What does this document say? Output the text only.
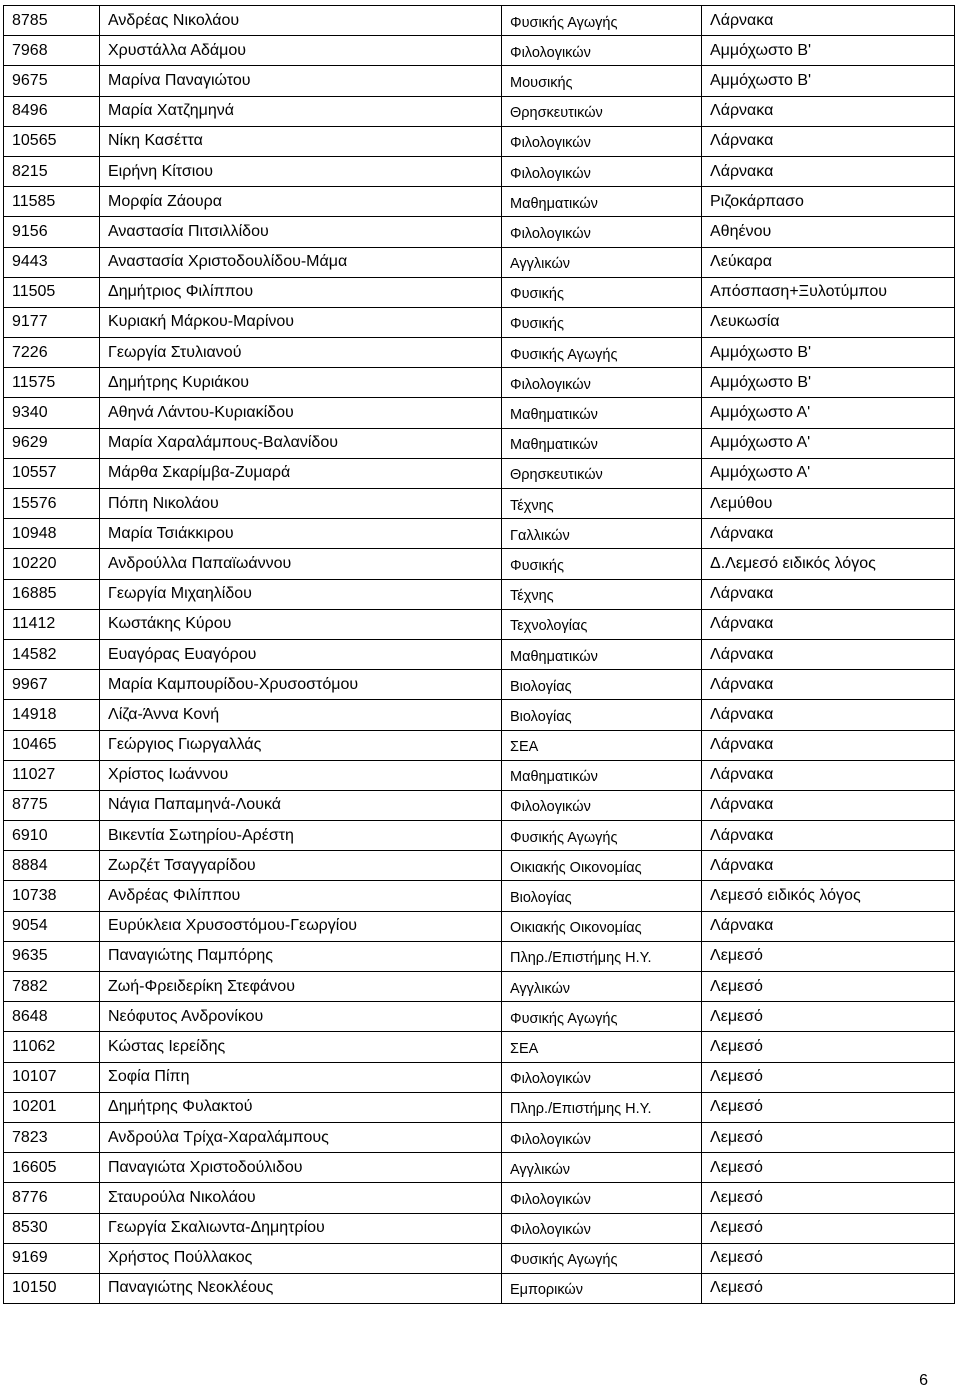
8785	Ανδρέας Νικολάου	Φυσικής Αγωγής	Λάρνακα
7968	Χρυστάλλα Αδάμου	Φιλολογικών	Αμμόχωστο Β'
9675	Μαρίνα Παναγιώτου	Μουσικής	Αμμόχωστο Β'
8496	Μαρία Χατζημηνά	Θρησκευτικών	Λάρνακα
10565	Νίκη Κασέττα	Φιλολογικών	Λάρνακα
8215	Ειρήνη Κίτσιου	Φιλολογικών	Λάρνακα
11585	Μορφία Ζάουρα	Μαθηματικών	Ριζοκάρπασο
9156	Αναστασία Πιτσιλλίδου	Φιλολογικών	Αθηένου
9443	Αναστασία Χριστοδουλίδου-Μάμα	Αγγλικών	Λεύκαρα
11505	Δημήτριος Φιλίππου	Φυσικής	Απόσπαση+Ξυλοτύμπου
9177	Κυριακή Μάρκου-Μαρίνου	Φυσικής	Λευκωσία
7226	Γεωργία Στυλιανού	Φυσικής Αγωγής	Αμμόχωστο Β'
11575	Δημήτρης Κυριάκου	Φιλολογικών	Αμμόχωστο Β'
9340	Αθηνά Λάντου-Κυριακίδου	Μαθηματικών	Αμμόχωστο Α'
9629	Μαρία Χαραλάμπους-Βαλανίδου	Μαθηματικών	Αμμόχωστο Α'
10557	Μάρθα Σκαρίμβα-Ζυμαρά	Θρησκευτικών	Αμμόχωστο Α'
15576	Πόπη Νικολάου	Τέχνης	Λεμύθου
10948	Μαρία Τσιάκκιρου	Γαλλικών	Λάρνακα
10220	Ανδρούλλα Παπαϊωάννου	Φυσικής	Δ.Λεμεσό ειδικός λόγος
16885	Γεωργία Μιχαηλίδου	Τέχνης	Λάρνακα
11412	Κωστάκης Κύρου	Τεχνολογίας	Λάρνακα
14582	Ευαγόρας Ευαγόρου	Μαθηματικών	Λάρνακα
9967	Μαρία Καμπουρίδου-Χρυσοστόμου	Βιολογίας	Λάρνακα
14918	Λίζα-Άννα Κονή	Βιολογίας	Λάρνακα
10465	Γεώργιος Γιωργαλλάς	ΣΕΑ	Λάρνακα
11027	Χρίστος Ιωάννου	Μαθηματικών	Λάρνακα
8775	Νάγια Παπαμηνά-Λουκά	Φιλολογικών	Λάρνακα
6910	Βικεντία Σωτηρίου-Αρέστη	Φυσικής Αγωγής	Λάρνακα
8884	Ζωρζέτ Τσαγγαρίδου	Οικιακής Οικονομίας	Λάρνακα
10738	Ανδρέας Φιλίππου	Βιολογίας	Λεμεσό ειδικός λόγος
9054	Ευρύκλεια Χρυσοστόμου-Γεωργίου	Οικιακής Οικονομίας	Λάρνακα
9635	Παναγιώτης Παμπόρης	Πληρ./Επιστήμης Η.Υ.	Λεμεσό
7882	Ζωή-Φρειδερίκη Στεφάνου	Αγγλικών	Λεμεσό
8648	Νεόφυτος Ανδρονίκου	Φυσικής Αγωγής	Λεμεσό
11062	Κώστας Ιερείδης	ΣΕΑ	Λεμεσό
10107	Σοφία Πίπη	Φιλολογικών	Λεμεσό
10201	Δημήτρης Φυλακτού	Πληρ./Επιστήμης Η.Υ.	Λεμεσό
7823	Ανδρούλα Τρίχα-Χαραλάμπους	Φιλολογικών	Λεμεσό
16605	Παναγιώτα Χριστοδούλιδου	Αγγλικών	Λεμεσό
8776	Σταυρούλα Νικολάου	Φιλολογικών	Λεμεσό
8530	Γεωργία Σκαλιωντα-Δημητρίου	Φιλολογικών	Λεμεσό
9169	Χρήστος Πούλλακος	Φυσικής Αγωγής	Λεμεσό
10150	Παναγιώτης Νεοκλέους	Εμπορικών	Λεμεσό
6
